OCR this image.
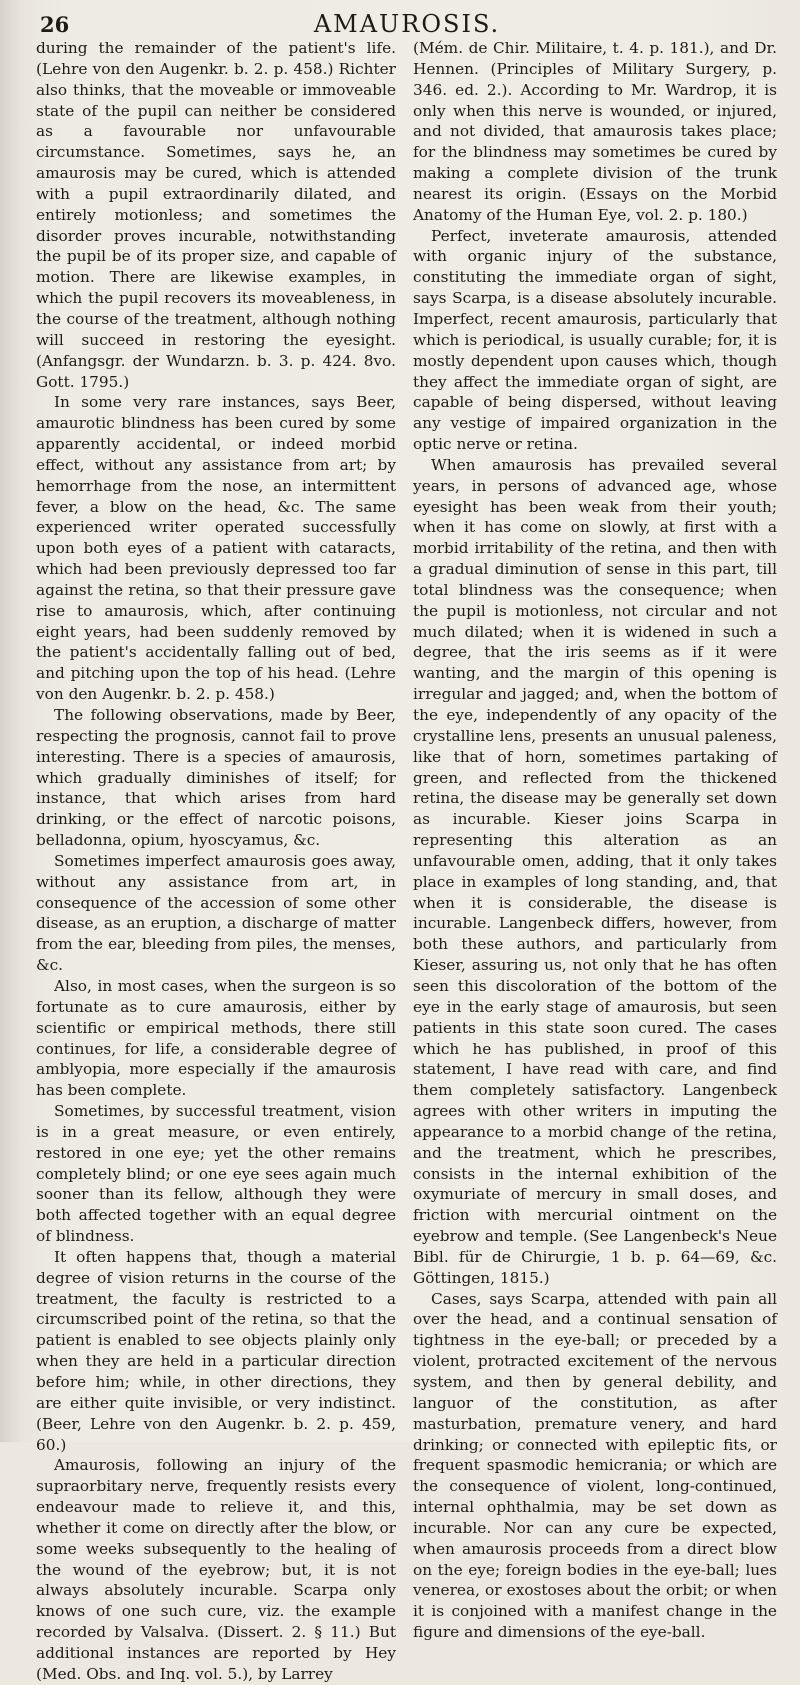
26	AMAUROSIS.

during the remainder of the patient's life. (Lehre von den Augenkr. b. 2. p. 458.) Richter also thinks, that the moveable or immoveable state of the pupil can neither be considered as a favourable nor unfavourable circumstance. Sometimes, says he, an amaurosis may be cured, which is attended with a pupil extraordinarily dilated, and entirely motionless; and sometimes the disorder proves incurable, notwithstanding the pupil be of its proper size, and capable of motion. There are likewise examples, in which the pupil recovers its moveableness, in the course of the treatment, although nothing will succeed in restoring the eyesight. (Anfangsgr. der Wundarzn. b. 3. p. 424. 8vo. Gott. 1795.)

In some very rare instances, says Beer, amaurotic blindness has been cured by some apparently accidental, or indeed morbid effect, without any assistance from art; by hemorrhage from the nose, an intermittent fever, a blow on the head, &c. The same experienced writer operated successfully upon both eyes of a patient with cataracts, which had been previously depressed too far against the retina, so that their pressure gave rise to amaurosis, which, after continuing eight years, had been suddenly removed by the patient's accidentally falling out of bed, and pitching upon the top of his head. (Lehre von den Augenkr. b. 2. p. 458.)

The following observations, made by Beer, respecting the prognosis, cannot fail to prove interesting. There is a species of amaurosis, which gradually diminishes of itself; for instance, that which arises from hard drinking, or the effect of narcotic poisons, belladonna, opium, hyoscyamus, &c.

Sometimes imperfect amaurosis goes away, without any assistance from art, in consequence of the accession of some other disease, as an eruption, a discharge of matter from the ear, bleeding from piles, the menses, &c.

Also, in most cases, when the surgeon is so fortunate as to cure amaurosis, either by scientific or empirical methods, there still continues, for life, a considerable degree of amblyopia, more especially if the amaurosis has been complete.

Sometimes, by successful treatment, vision is in a great measure, or even entirely, restored in one eye; yet the other remains completely blind; or one eye sees again much sooner than its fellow, although they were both affected together with an equal degree of blindness.

It often happens that, though a material degree of vision returns in the course of the treatment, the faculty is restricted to a circumscribed point of the retina, so that the patient is enabled to see objects plainly only when they are held in a particular direction before him; while, in other directions, they are either quite invisible, or very indistinct. (Beer, Lehre von den Augenkr. b. 2. p. 459, 60.)

Amaurosis, following an injury of the supraorbitary nerve, frequently resists every endeavour made to relieve it, and this, whether it come on directly after the blow, or some weeks subsequently to the healing of the wound of the eyebrow; but, it is not always absolutely incurable. Scarpa only knows of one such cure, viz. the example recorded by Valsalva. (Dissert. 2. § 11.) But additional instances are reported by Hey (Med. Obs. and Inq. vol. 5.), by Larrey

(Mém. de Chir. Militaire, t. 4. p. 181.), and Dr. Hennen. (Principles of Military Surgery, p. 346. ed. 2.). According to Mr. Wardrop, it is only when this nerve is wounded, or injured, and not divided, that amaurosis takes place; for the blindness may sometimes be cured by making a complete division of the trunk nearest its origin. (Essays on the Morbid Anatomy of the Human Eye, vol. 2. p. 180.)

Perfect, inveterate amaurosis, attended with organic injury of the substance, constituting the immediate organ of sight, says Scarpa, is a disease absolutely incurable. Imperfect, recent amaurosis, particularly that which is periodical, is usually curable; for, it is mostly dependent upon causes which, though they affect the immediate organ of sight, are capable of being dispersed, without leaving any vestige of impaired organization in the optic nerve or retina.

When amaurosis has prevailed several years, in persons of advanced age, whose eyesight has been weak from their youth; when it has come on slowly, at first with a morbid irritability of the retina, and then with a gradual diminution of sense in this part, till total blindness was the consequence; when the pupil is motionless, not circular and not much dilated; when it is widened in such a degree, that the iris seems as if it were wanting, and the margin of this opening is irregular and jagged; and, when the bottom of the eye, independently of any opacity of the crystalline lens, presents an unusual paleness, like that of horn, sometimes partaking of green, and reflected from the thickened retina, the disease may be generally set down as incurable. Kieser joins Scarpa in representing this alteration as an unfavourable omen, adding, that it only takes place in examples of long standing, and, that when it is considerable, the disease is incurable. Langenbeck differs, however, from both these authors, and particularly from Kieser, assuring us, not only that he has often seen this discoloration of the bottom of the eye in the early stage of amaurosis, but seen patients in this state soon cured. The cases which he has published, in proof of this statement, I have read with care, and find them completely satisfactory. Langenbeck agrees with other writers in imputing the appearance to a morbid change of the retina, and the treatment, which he prescribes, consists in the internal exhibition of the oxymuriate of mercury in small doses, and friction with mercurial ointment on the eyebrow and temple. (See Langenbeck's Neue Bibl. für de Chirurgie, 1 b. p. 64—69, &c. Göttingen, 1815.)

Cases, says Scarpa, attended with pain all over the head, and a continual sensation of tightness in the eye-ball; or preceded by a violent, protracted excitement of the nervous system, and then by general debility, and languor of the constitution, as after masturbation, premature venery, and hard drinking; or connected with epileptic fits, or frequent spasmodic hemicrania; or which are the consequence of violent, long-continued, internal ophthalmia, may be set down as incurable. Nor can any cure be expected, when amaurosis proceeds from a direct blow on the eye; foreign bodies in the eye-ball; lues venerea, or exostoses about the orbit; or when it is conjoined with a manifest change in the figure and dimensions of the eye-ball.
